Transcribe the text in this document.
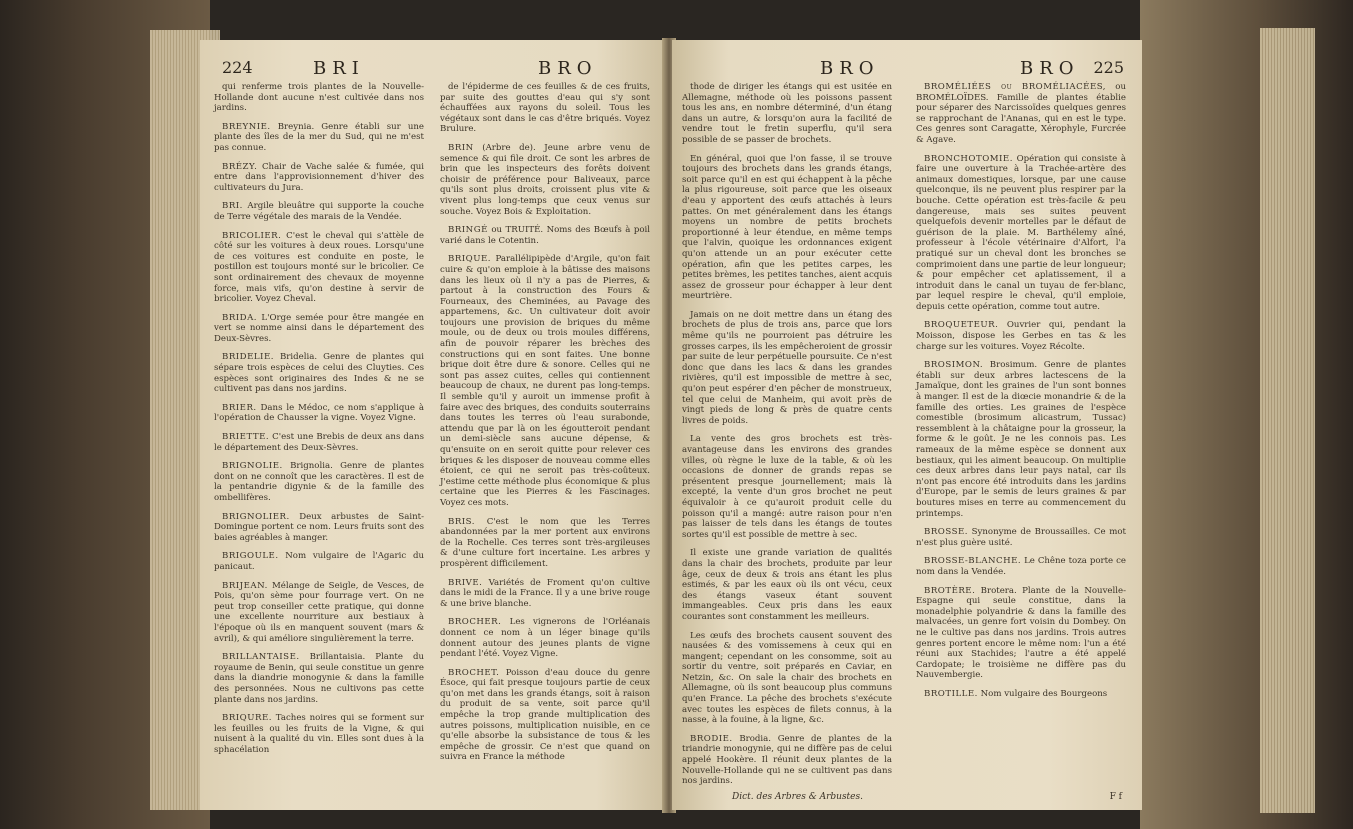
224	BRI	BRO
qui renferme trois plantes de la Nouvelle-Hollande dont aucune n'est cultivée dans nos jardins.
BREYNIE. Breynia. Genre établi sur une plante des îles de la mer du Sud, qui ne m'est pas connue.
BRÉZY. Chair de Vache salée & fumée, qui entre dans l'approvisionnement d'hiver des cultivateurs du Jura.
BRI. Argile bleuâtre qui supporte la couche de Terre végétale des marais de la Vendée.
BRICOLIER. C'est le cheval qui s'attèle de côté sur les voitures à deux roues. Lorsqu'une de ces voitures est conduite en poste, le postillon est toujours monté sur le bricolier. Ce sont ordinairement des chevaux de moyenne force, mais vifs, qu'on destine à servir de bricolier. Voyez Cheval.
BRIDA. L'Orge semée pour être mangée en vert se nomme ainsi dans le département des Deux-Sèvres.
BRIDELIE. Bridelia. Genre de plantes qui sépare trois espèces de celui des Cluyties. Ces espèces sont originaires des Indes & ne se cultivent pas dans nos jardins.
BRIER. Dans le Médoc, ce nom s'applique à l'opération de Chausser la vigne. Voyez Vigne.
BRIETTE. C'est une Brebis de deux ans dans le département des Deux-Sèvres.
BRIGNOLIE. Brignolia. Genre de plantes dont on ne connoît que les caractères. Il est de la pentandrie digynie & de la famille des ombellifères.
BRIGNOLIER. Deux arbustes de Saint-Domingue portent ce nom. Leurs fruits sont des baies agréables à manger.
BRIGOULE. Nom vulgaire de l'Agaric du panicaut.
BRIJEAN. Mélange de Seigle, de Vesces, de Pois, qu'on sème pour fourrage vert. On ne peut trop conseiller cette pratique, qui donne une excellente nourriture aux bestiaux à l'époque où ils en manquent souvent (mars & avril), & qui améliore singulièrement la terre.
BRILLANTAISE. Brillantaisia. Plante du royaume de Benin, qui seule constitue un genre dans la diandrie monogynie & dans la famille des personnées. Nous ne cultivons pas cette plante dans nos jardins.
BRIQURE. Taches noires qui se forment sur les feuilles ou les fruits de la Vigne, & qui nuisent à la qualité du vin. Elles sont dues à la sphacélation
de l'épiderme de ces feuilles & de ces fruits, par suite des gouttes d'eau qui s'y sont échauffées aux rayons du soleil. Tous les végétaux sont dans le cas d'être briqués. Voyez Brulure.
BRIN (Arbre de). Jeune arbre venu de semence & qui file droit. Ce sont les arbres de brin que les inspecteurs des forêts doivent choisir de préférence pour Baliveaux, parce qu'ils sont plus droits, croissent plus vite & vivent plus long-temps que ceux venus sur souche. Voyez Bois & Exploitation.
BRINGÉ ou TRUITÉ. Noms des Bœufs à poil varié dans le Cotentin.
BRIQUE. Parallélipipède d'Argile, qu'on fait cuire & qu'on emploie à la bâtisse des maisons dans les lieux où il n'y a pas de Pierres, & partout à la construction des Fours & Fourneaux, des Cheminées, au Pavage des appartemens, &c. Un cultivateur doit avoir toujours une provision de briques du même moule, ou de deux ou trois moules différens, afin de pouvoir réparer les brèches des constructions qui en sont faites. Une bonne brique doit être dure & sonore. Celles qui ne sont pas assez cuites, celles qui contiennent beaucoup de chaux, ne durent pas long-temps. Il semble qu'il y auroit un immense profit à faire avec des briques, des conduits souterrains dans toutes les terres où l'eau surabonde, attendu que par là on les égoutteroit pendant un demi-siècle sans aucune dépense, & qu'ensuite on en seroit quitte pour relever ces briques & les disposer de nouveau comme elles étoient, ce qui ne seroit pas très-coûteux. J'estime cette méthode plus économique & plus certaine que les Pierres & les Fascinages. Voyez ces mots.
BRIS. C'est le nom que les Terres abandonnées par la mer portent aux environs de la Rochelle. Ces terres sont très-argileuses & d'une culture fort incertaine. Les arbres y prospèrent difficilement.
BRIVE. Variétés de Froment qu'on cultive dans le midi de la France. Il y a une brive rouge & une brive blanche.
BROCHER. Les vignerons de l'Orléanais donnent ce nom à un léger binage qu'ils donnent autour des jeunes plants de vigne pendant l'été. Voyez Vigne.
BROCHET. Poisson d'eau douce du genre Ésoce, qui fait presque toujours partie de ceux qu'on met dans les grands étangs, soit à raison du produit de sa vente, soit parce qu'il empêche la trop grande multiplication des autres poissons, multiplication nuisible, en ce qu'elle absorbe la subsistance de tous & les empêche de grossir. Ce n'est que quand on suivra en France la méthode
BRO	BRO 225
thode de diriger les étangs qui est usitée en Allemagne, méthode où les poissons passent tous les ans, en nombre déterminé, d'un étang dans un autre, & lorsqu'on aura la facilité de vendre tout le fretin superflu, qu'il sera possible de se passer de brochets.
En général, quoi que l'on fasse, il se trouve toujours des brochets dans les grands étangs, soit parce qu'il en est qui échappent à la pêche la plus rigoureuse, soit parce que les oiseaux d'eau y apportent des œufs attachés à leurs pattes. On met généralement dans les étangs moyens un nombre de petits brochets proportionné à leur étendue, en même temps que l'alvin, quoique les ordonnances exigent qu'on attende un an pour exécuter cette opération, afin que les petites carpes, les petites brèmes, les petites tanches, aient acquis assez de grosseur pour échapper à leur dent meurtrière.
Jamais on ne doit mettre dans un étang des brochets de plus de trois ans, parce que lors même qu'ils ne pourroient pas détruire les grosses carpes, ils les empêcheroient de grossir par suite de leur perpétuelle poursuite. Ce n'est donc que dans les lacs & dans les grandes rivières, qu'il est impossible de mettre à sec, qu'on peut espérer d'en pêcher de monstrueux, tel que celui de Manheim, qui avoit près de vingt pieds de long & près de quatre cents livres de poids.
La vente des gros brochets est très-avantageuse dans les environs des grandes villes, où règne le luxe de la table, & où les occasions de donner de grands repas se présentent presque journellement; mais là excepté, la vente d'un gros brochet ne peut équivaloir à ce qu'auroit produit celle du poisson qu'il a mangé: autre raison pour n'en pas laisser de tels dans les étangs de toutes sortes qu'il est possible de mettre à sec.
Il existe une grande variation de qualités dans la chair des brochets, produite par leur âge, ceux de deux & trois ans étant les plus estimés, & par les eaux où ils ont vécu, ceux des étangs vaseux étant souvent immangeables. Ceux pris dans les eaux courantes sont constamment les meilleurs.
Les œufs des brochets causent souvent des nausées & des vomissemens à ceux qui en mangent; cependant on les consomme, soit au sortir du ventre, soit préparés en Caviar, en Netzin, &c. On sale la chair des brochets en Allemagne, où ils sont beaucoup plus communs qu'en France. La pêche des brochets s'exécute avec toutes les espèces de filets connus, à la nasse, à la fouine, à la ligne, &c.
BRODIE. Brodia. Genre de plantes de la triandrie monogynie, qui ne diffère pas de celui appelé Hookère. Il réunit deux plantes de la Nouvelle-Hollande qui ne se cultivent pas dans nos jardins.
BROMÉLIÉES ou BROMÉLIACÉES, ou BROMÉLOÏDES. Famille de plantes établie pour séparer des Narcissoïdes quelques genres se rapprochant de l'Ananas, qui en est le type. Ces genres sont Caragatte, Xérophyle, Furcrée & Agave.
BRONCHOTOMIE. Opération qui consiste à faire une ouverture à la Trachée-artère des animaux domestiques, lorsque, par une cause quelconque, ils ne peuvent plus respirer par la bouche. Cette opération est très-facile & peu dangereuse, mais ses suites peuvent quelquefois devenir mortelles par le défaut de guérison de la plaie. M. Barthélemy aîné, professeur à l'école vétérinaire d'Alfort, l'a pratiqué sur un cheval dont les bronches se comprimoient dans une partie de leur longueur; & pour empêcher cet aplatissement, il a introduit dans le canal un tuyau de fer-blanc, par lequel respire le cheval, qu'il emploie, depuis cette opération, comme tout autre.
BROQUETEUR. Ouvrier qui, pendant la Moisson, dispose les Gerbes en tas & les charge sur les voitures. Voyez Récolte.
BROSIMON. Brosimum. Genre de plantes établi sur deux arbres lactescens de la Jamaïque, dont les graines de l'un sont bonnes à manger. Il est de la diœcie monandrie & de la famille des orties. Les graines de l'espèce comestible (brosimum alicastrum, Tussac) ressemblent à la châtaigne pour la grosseur, la forme & le goût. Je ne les connois pas. Les rameaux de la même espèce se donnent aux bestiaux, qui les aiment beaucoup. On multiplie ces deux arbres dans leur pays natal, car ils n'ont pas encore été introduits dans les jardins d'Europe, par le semis de leurs graines & par boutures mises en terre au commencement du printemps.
BROSSE. Synonyme de Broussailles. Ce mot n'est plus guère usité.
BROSSE-BLANCHE. Le Chêne toza porte ce nom dans la Vendée.
BROTÈRE. Brotera. Plante de la Nouvelle-Espagne qui seule constitue, dans la monadelphie polyandrie & dans la famille des malvacées, un genre fort voisin du Dombey. On ne le cultive pas dans nos jardins. Trois autres genres portent encore le même nom: l'un a été réuni aux Stachides; l'autre a été appelé Cardopate; le troisième ne diffère pas du Nauvembergie.
BROTILLE. Nom vulgaire des Bourgeons
Dict. des Arbres & Arbustes.	F f
